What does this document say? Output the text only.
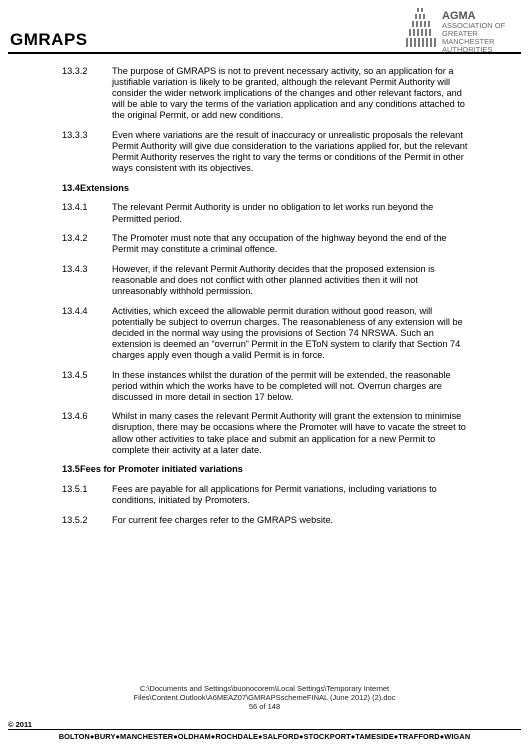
GMRAPS
AGMA
ASSOCIATION OF
GREATER MANCHESTER
AUTHORITIES
13.3.2	The purpose of GMRAPS is not to prevent necessary activity, so an application for a justifiable variation is likely to be granted, although the relevant Permit Authority will consider the wider network implications of the changes and other relevant factors, and will be able to vary the terms of the variation application and any conditions attached to the original Permit, or add new conditions.
13.3.3	Even where variations are the result of inaccuracy or unrealistic proposals the relevant Permit Authority will give due consideration to the variations applied for, but the relevant Permit Authority reserves the right to vary the terms or conditions of the Permit in other ways consistent with its objectives.
13.4 Extensions
13.4.1	The relevant Permit Authority is under no obligation to let works run beyond the Permitted period.
13.4.2	The Promoter must note that any occupation of the highway beyond the end of the Permit may constitute a criminal offence.
13.4.3	However, if the relevant Permit Authority decides that the proposed extension is reasonable and does not conflict with other planned activities then it will not unreasonably withhold permission.
13.4.4	Activities, which exceed the allowable permit duration without good reason, will potentially be subject to overrun charges. The reasonableness of any extension will be decided in the normal way using the provisions of Section 74 NRSWA. Such an extension is deemed an “overrun” Permit in the EToN system to clarify that Section 74 charges apply even though a valid Permit is in force.
13.4.5	In these instances whilst the duration of the permit will be extended, the reasonable period within which the works have to be completed will not. Overrun charges are discussed in more detail in section 17 below.
13.4.6	Whilst in many cases the relevant Permit Authority will grant the extension to minimise disruption, there may be occasions where the Promoter will have to vacate the street to allow other activities to take place and submit an application for a new Permit to complete their activity at a later date.
13.5 Fees for Promoter initiated variations
13.5.1	Fees are payable for all applications for Permit variations, including variations to conditions, initiated by Promoters.
13.5.2	For current fee charges refer to the GMRAPS website.
C:\Documents and Settings\buonocorem\Local Settings\Temporary Internet
Files\Content.Outlook\A6MEAZ07\GMRAPSschemeFINAL (June 2012) (2).doc
56 of 148
© 2011
BOLTON●BURY●MANCHESTER●OLDHAM●ROCHDALE●SALFORD●STOCKPORT●TAMESIDE●TRAFFORD●WIGAN
